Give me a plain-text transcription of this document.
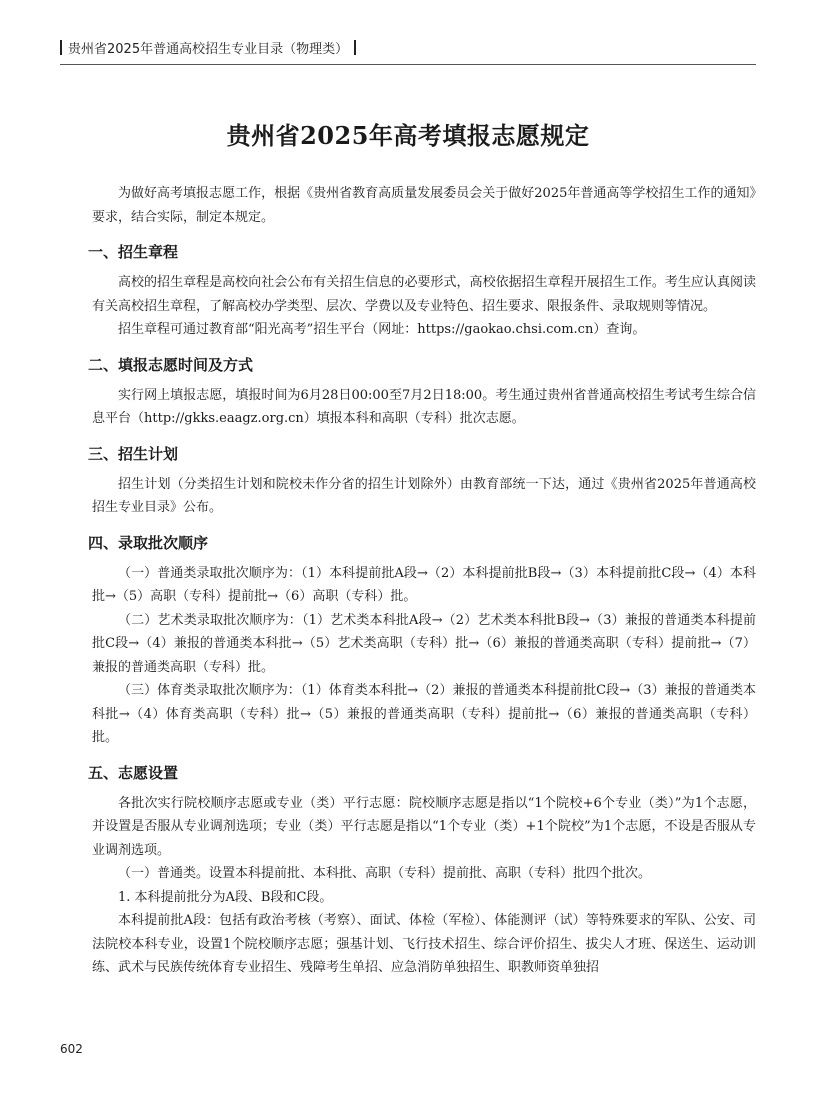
贵州省2025年普通高校招生专业目录（物理类）
贵州省2025年高考填报志愿规定

为做好高考填报志愿工作，根据《贵州省教育高质量发展委员会关于做好2025年普通高等学校招生工作的通知》要求，结合实际，制定本规定。

一、招生章程

高校的招生章程是高校向社会公布有关招生信息的必要形式，高校依据招生章程开展招生工作。考生应认真阅读有关高校招生章程，了解高校办学类型、层次、学费以及专业特色、招生要求、限报条件、录取规则等情况。

招生章程可通过教育部“阳光高考”招生平台（网址：https://gaokao.chsi.com.cn）查询。

二、填报志愿时间及方式

实行网上填报志愿，填报时间为6月28日00:00至7月2日18:00。考生通过贵州省普通高校招生考试考生综合信息平台（http://gkks.eaagz.org.cn）填报本科和高职（专科）批次志愿。

三、招生计划

招生计划（分类招生计划和院校未作分省的招生计划除外）由教育部统一下达，通过《贵州省2025年普通高校招生专业目录》公布。

四、录取批次顺序

（一）普通类录取批次顺序为：（1）本科提前批A段→（2）本科提前批B段→（3）本科提前批C段→（4）本科批→（5）高职（专科）提前批→（6）高职（专科）批。

（二）艺术类录取批次顺序为：（1）艺术类本科批A段→（2）艺术类本科批B段→（3）兼报的普通类本科提前批C段→（4）兼报的普通类本科批→（5）艺术类高职（专科）批→（6）兼报的普通类高职（专科）提前批→（7）兼报的普通类高职（专科）批。

（三）体育类录取批次顺序为：（1）体育类本科批→（2）兼报的普通类本科提前批C段→（3）兼报的普通类本科批→（4）体育类高职（专科）批→（5）兼报的普通类高职（专科）提前批→（6）兼报的普通类高职（专科）批。

五、志愿设置

各批次实行院校顺序志愿或专业（类）平行志愿：院校顺序志愿是指以“1个院校+6个专业（类）”为1个志愿，并设置是否服从专业调剂选项；专业（类）平行志愿是指以“1个专业（类）+1个院校”为1个志愿，不设是否服从专业调剂选项。

（一）普通类。设置本科提前批、本科批、高职（专科）提前批、高职（专科）批四个批次。

1. 本科提前批分为A段、B段和C段。

本科提前批A段：包括有政治考核（考察）、面试、体检（军检）、体能测评（试）等特殊要求的军队、公安、司法院校本科专业，设置1个院校顺序志愿；强基计划、飞行技术招生、综合评价招生、拔尖人才班、保送生、运动训练、武术与民族传统体育专业招生、残障考生单招、应急消防单独招生、职教师资单独招

602
